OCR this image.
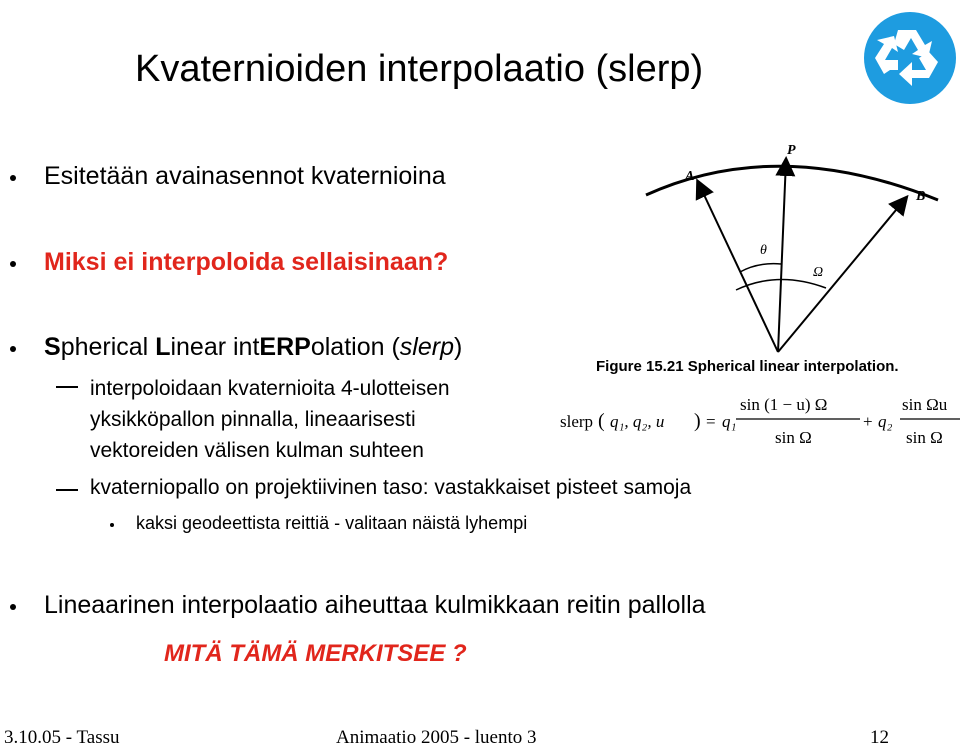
Kvaternioiden interpolaatio (slerp)
Esitetään avainasennot kvaternioina
Miksi ei interpoloida sellaisinaan?
Spherical Linear intERPolation (slerp)
interpoloidaan kvaternioita 4-ulotteisen
yksikköpallon pinnalla, lineaarisesti
vektoreiden välisen kulman suhteen
kvaterniopallo on projektiivinen taso: vastakkaiset pisteet samoja
kaksi geodeettista reittiä - valitaan näistä lyhempi
Lineaarinen interpolaatio aiheuttaa kulmikkaan reitin pallolla
MITÄ TÄMÄ MERKITSEE ?
A
P
B
θ
Ω
Figure 15.21 Spherical linear interpolation.
slerp ( q₁, q₂, u ) = q₁
sin (1 − u) Ω
sin Ω
+ q₂
sin Ωu
sin Ω
3.10.05 - Tassu	Animaatio 2005 - luento 3	12
